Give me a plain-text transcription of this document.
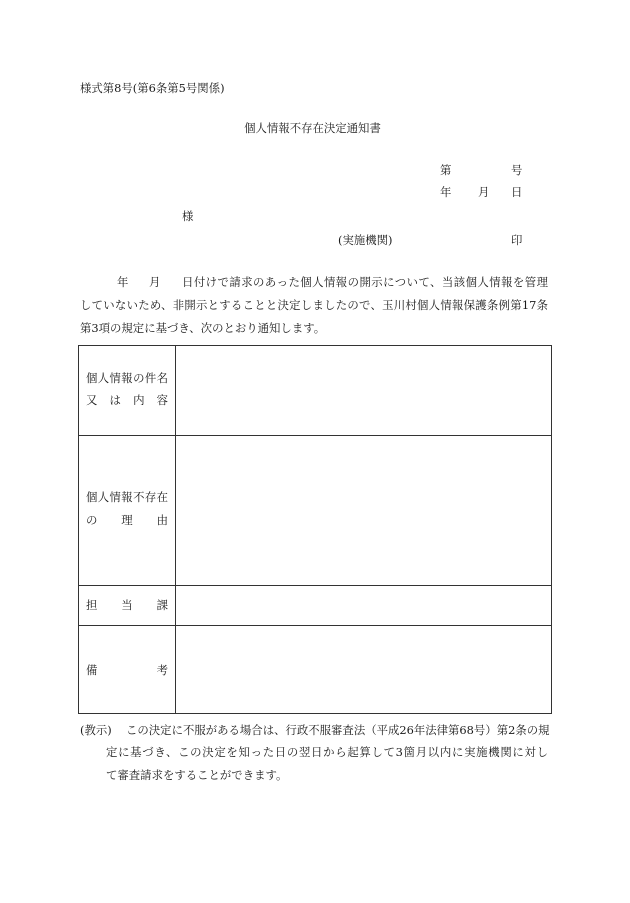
様式第8号(第6条第5号関係)
個人情報不存在決定通知書
第	号
年 月 日
様
(実施機関)	印
年 月 日付けで請求のあった個人情報の開示について、当該個人情報を管理
していないため、非開示とすることと決定しましたので、玉川村個人情報保護条例第17条
第3項の規定に基づき、次のとおり通知します。
個人情報の件名
又　は　内　容
個人情報不存在
の　　理　　由
担　　当　　課
備　　　　　考
(教示) この決定に不服がある場合は、行政不服審査法（平成26年法律第68号）第2条の規
定に基づき、この決定を知った日の翌日から起算して3箇月以内に実施機関に対し
て審査請求をすることができます。
